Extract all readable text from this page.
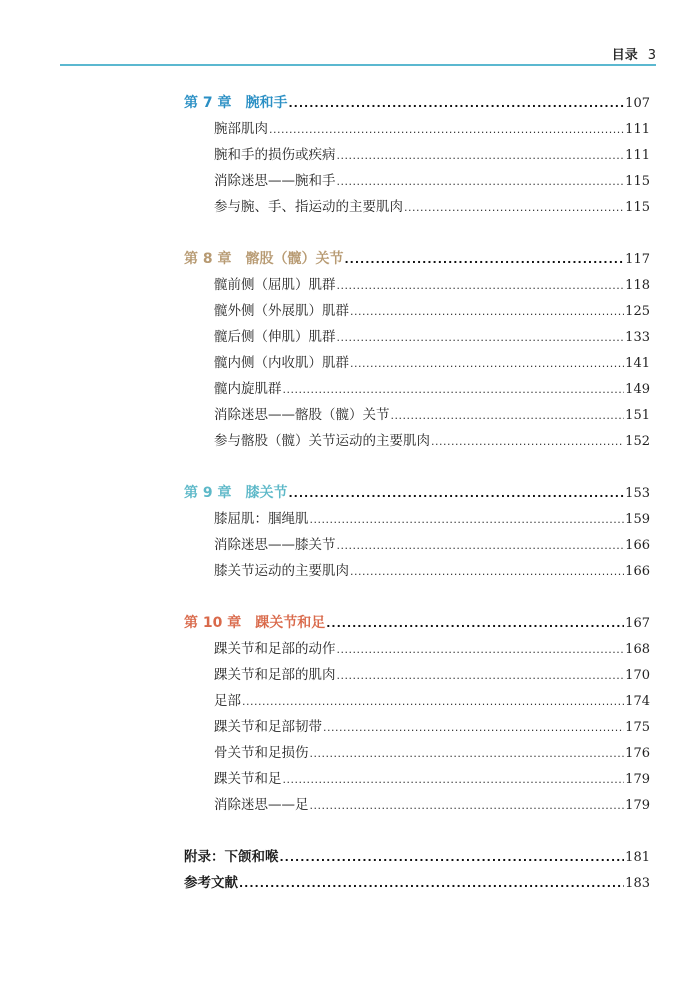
目录 3
第 7 章 腕和手 .....	107
腕部肌肉 .....	111
腕和手的损伤或疾病 .....	111
消除迷思——腕和手 .....	115
参与腕、手、指运动的主要肌肉 .....	115
第 8 章 髂股（髋）关节 .....	117
髋前侧（屈肌）肌群 .....	118
髋外侧（外展肌）肌群 .....	125
髋后侧（伸肌）肌群 .....	133
髋内侧（内收肌）肌群 .....	141
髋内旋肌群 .....	149
消除迷思——髂股（髋）关节 .....	151
参与髂股（髋）关节运动的主要肌肉 .....	152
第 9 章 膝关节 .....	153
膝屈肌：腘绳肌 .....	159
消除迷思——膝关节 .....	166
膝关节运动的主要肌肉 .....	166
第 10 章 踝关节和足 .....	167
踝关节和足部的动作 .....	168
踝关节和足部的肌肉 .....	170
足部 .....	174
踝关节和足部韧带 .....	175
骨关节和足损伤 .....	176
踝关节和足 .....	179
消除迷思——足 .....	179
附录：下颌和喉 .....	181
参考文献 .....	183
